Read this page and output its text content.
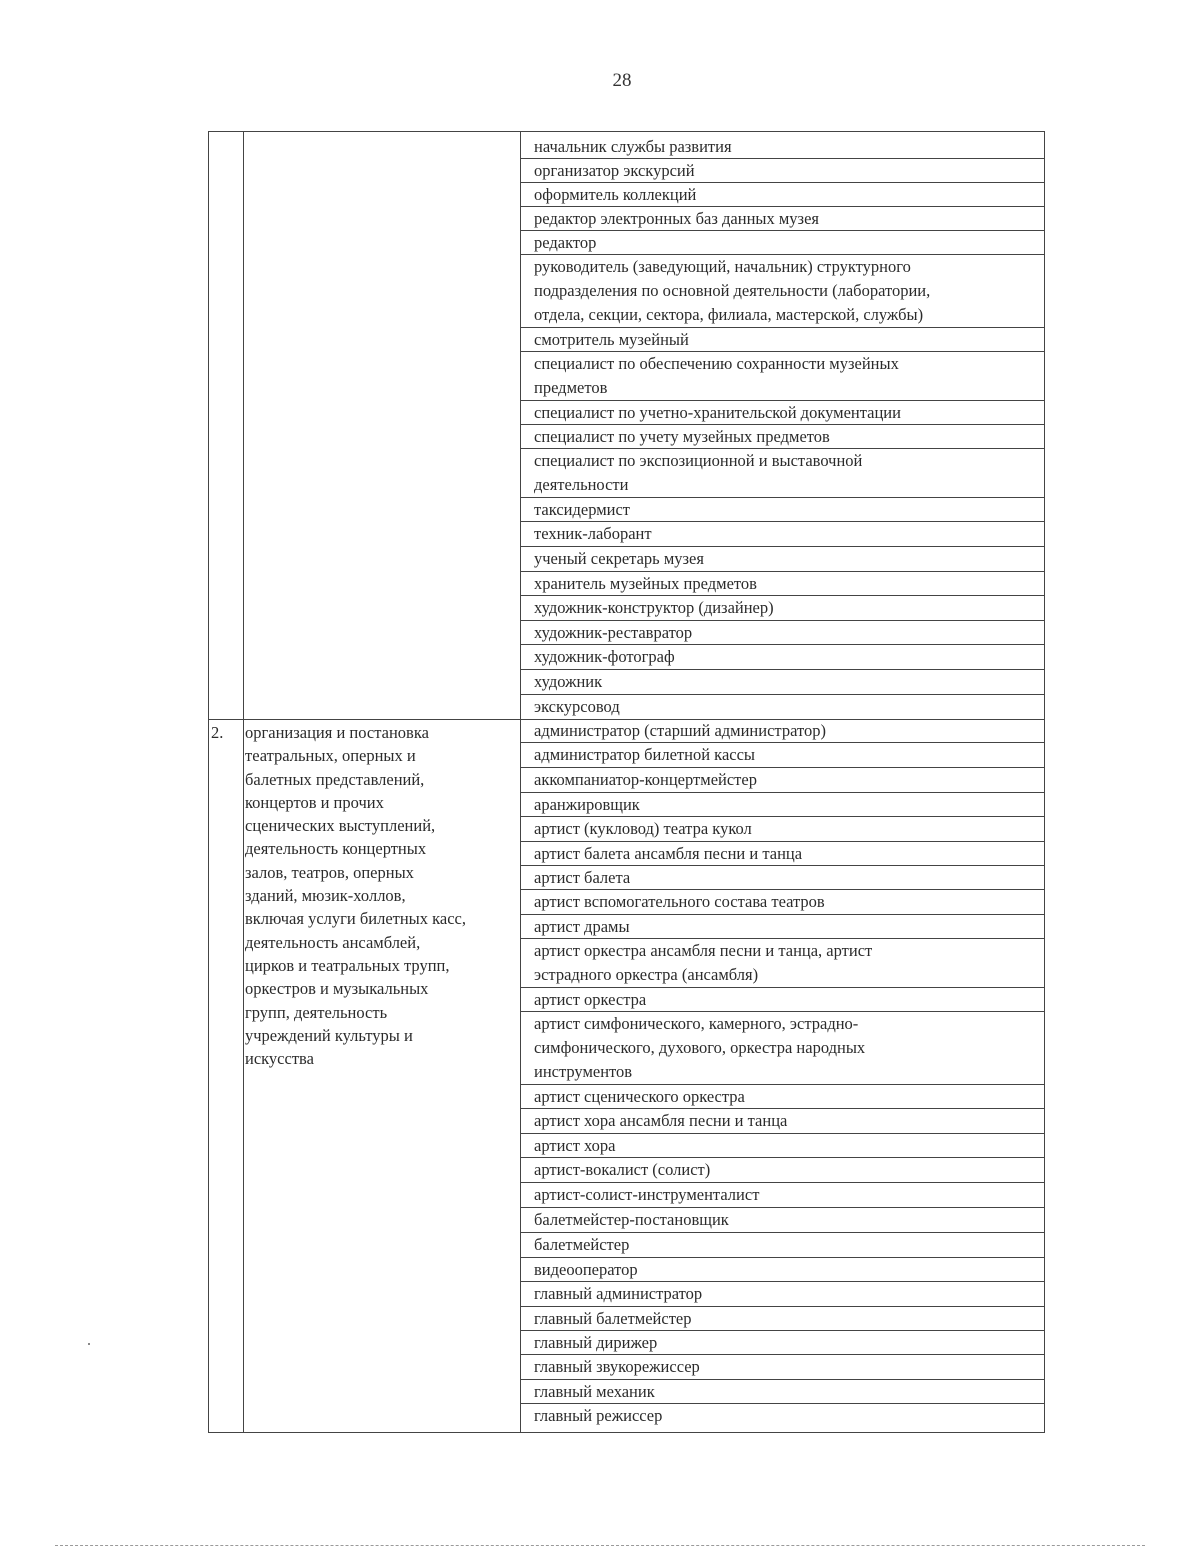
28
начальник службы развития
организатор экскурсий
оформитель коллекций
редактор электронных баз данных музея
редактор
руководитель (заведующий, начальник) структурного
подразделения по основной деятельности (лаборатории,
отдела, секции, сектора, филиала, мастерской, службы)
смотритель музейный
специалист по обеспечению сохранности музейных
предметов
специалист по учетно-хранительской документации
специалист по учету музейных предметов
специалист по экспозиционной и выставочной
деятельности
таксидермист
техник-лаборант
ученый секретарь музея
хранитель музейных предметов
художник-конструктор (дизайнер)
художник-реставратор
художник-фотограф
художник
экскурсовод
2. организация и постановка
театральных, оперных и
балетных представлений,
концертов и прочих
сценических выступлений,
деятельность концертных
залов, театров, оперных
зданий, мюзик-холлов,
включая услуги билетных касс,
деятельность ансамблей,
цирков и театральных трупп,
оркестров и музыкальных
групп, деятельность
учреждений культуры и
искусства
администратор (старший администратор)
администратор билетной кассы
аккомпаниатор-концертмейстер
аранжировщик
артист (кукловод) театра кукол
артист балета ансамбля песни и танца
артист балета
артист вспомогательного состава театров
артист драмы
артист оркестра ансамбля песни и танца, артист
эстрадного оркестра (ансамбля)
артист оркестра
артист симфонического, камерного, эстрадно-
симфонического, духового, оркестра народных
инструментов
артист сценического оркестра
артист хора ансамбля песни и танца
артист хора
артист-вокалист (солист)
артист-солист-инструменталист
балетмейстер-постановщик
балетмейстер
видеооператор
главный администратор
главный балетмейстер
главный дирижер
главный звукорежиссер
главный механик
главный режиссер
